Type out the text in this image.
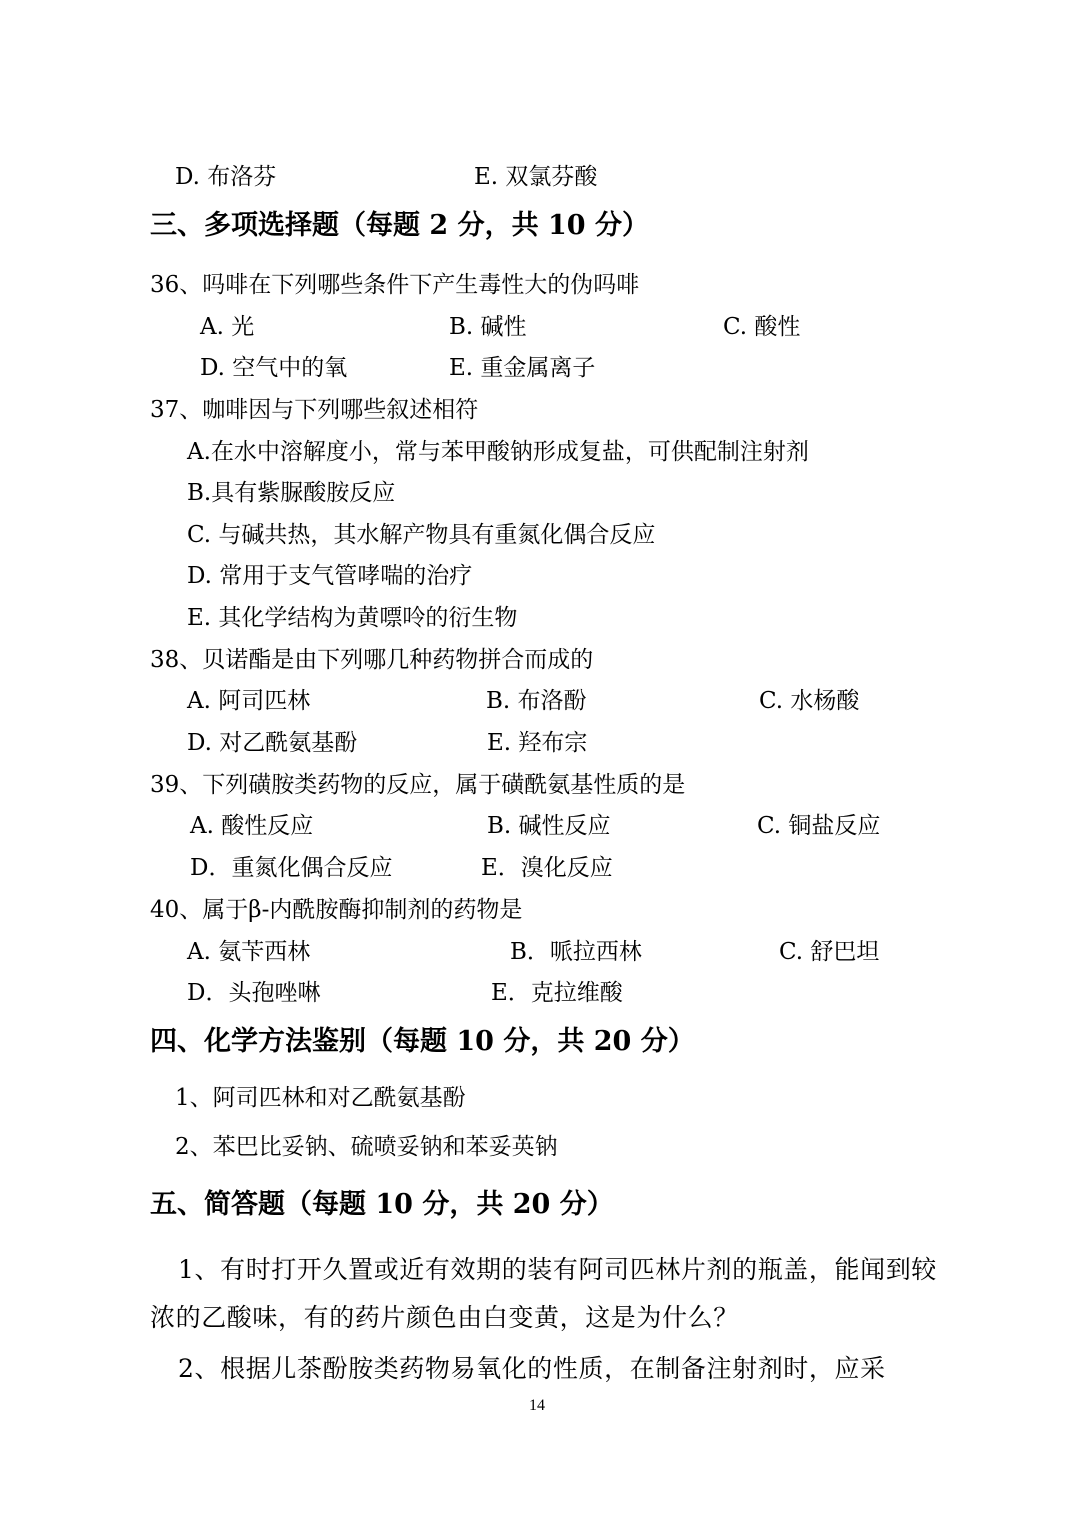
D. 布洛芬	E. 双氯芬酸
三、多项选择题（每题 2 分，共 10 分）
36、吗啡在下列哪些条件下产生毒性大的伪吗啡
A. 光	B. 碱性	C. 酸性
D. 空气中的氧	E. 重金属离子
37、咖啡因与下列哪些叙述相符
A.在水中溶解度小，常与苯甲酸钠形成复盐，可供配制注射剂
B.具有紫脲酸胺反应
C. 与碱共热，其水解产物具有重氮化偶合反应
D. 常用于支气管哮喘的治疗
E. 其化学结构为黄嘌呤的衍生物
38、贝诺酯是由下列哪几种药物拼合而成的
A. 阿司匹林	B. 布洛酚	C. 水杨酸
D. 对乙酰氨基酚	E. 羟布宗
39、下列磺胺类药物的反应，属于磺酰氨基性质的是
A. 酸性反应	B. 碱性反应	C. 铜盐反应
D．重氮化偶合反应	E．溴化反应
40、属于β-内酰胺酶抑制剂的药物是
A. 氨苄西林	B．哌拉西林	C. 舒巴坦
D．头孢唑啉	E．克拉维酸
四、化学方法鉴别（每题 10 分，共 20 分）
1、阿司匹林和对乙酰氨基酚
2、苯巴比妥钠、硫喷妥钠和苯妥英钠
五、简答题（每题 10 分，共 20 分）
1、有时打开久置或近有效期的装有阿司匹林片剂的瓶盖，能闻到较
浓的乙酸味，有的药片颜色由白变黄，这是为什么？
2、根据儿茶酚胺类药物易氧化的性质，在制备注射剂时，应采
14
